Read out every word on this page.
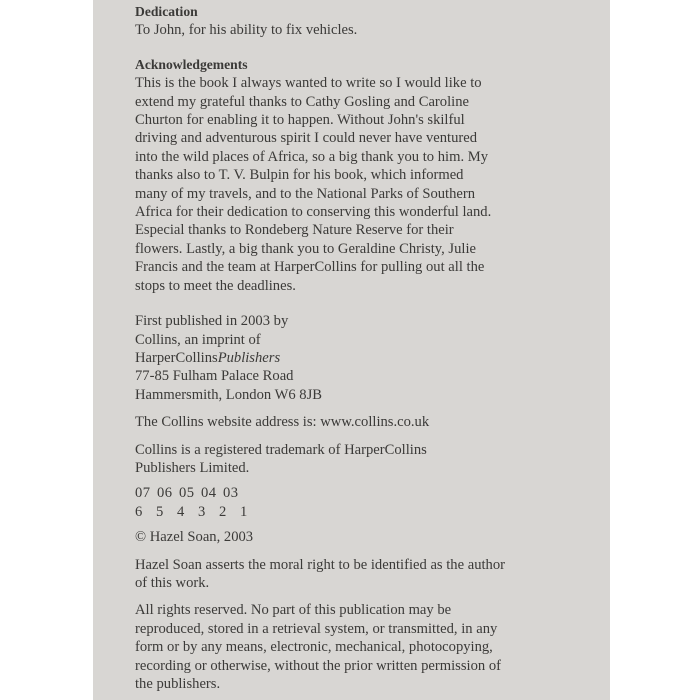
Dedication

To John, for his ability to fix vehicles.

Acknowledgements

This is the book I always wanted to write so I would like to
extend my grateful thanks to Cathy Gosling and Caroline
Churton for enabling it to happen. Without John's skilful
driving and adventurous spirit I could never have ventured
into the wild places of Africa, so a big thank you to him. My
thanks also to T. V. Bulpin for his book, which informed
many of my travels, and to the National Parks of Southern
Africa for their dedication to conserving this wonderful land.
Especial thanks to Rondeberg Nature Reserve for their
flowers. Lastly, a big thank you to Geraldine Christy, Julie
Francis and the team at HarperCollins for pulling out all the
stops to meet the deadlines.

First published in 2003 by
Collins, an imprint of
HarperCollinsPublishers
77-85 Fulham Palace Road
Hammersmith, London W6 8JB

The Collins website address is: www.collins.co.uk

Collins is a registered trademark of HarperCollins
Publishers Limited.

07 06 05 04 03
6 5 4 3 2 1

© Hazel Soan, 2003

Hazel Soan asserts the moral right to be identified as the author
of this work.

All rights reserved. No part of this publication may be
reproduced, stored in a retrieval system, or transmitted, in any
form or by any means, electronic, mechanical, photocopying,
recording or otherwise, without the prior written permission of
the publishers.
